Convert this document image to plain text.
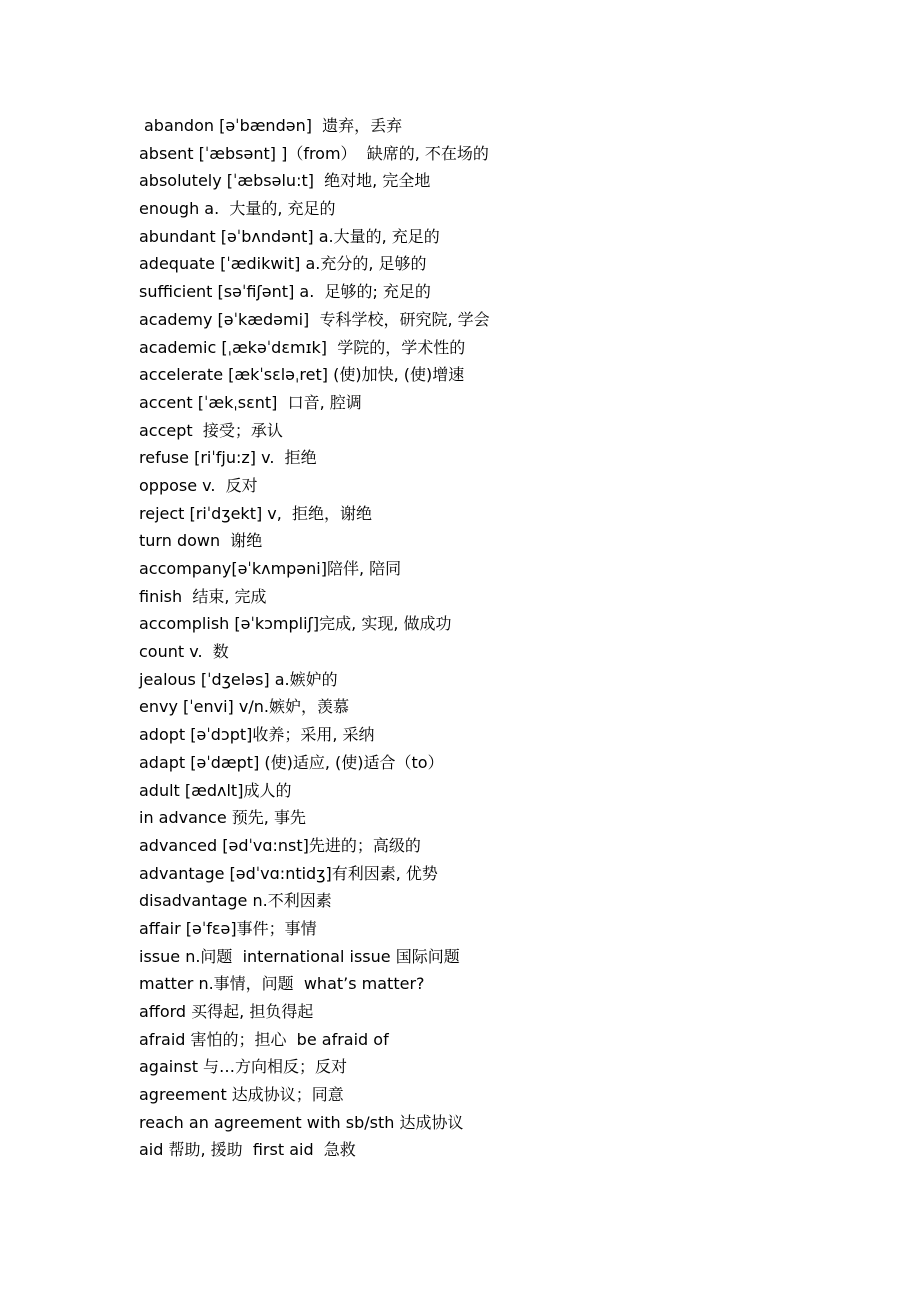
abandon [əˈbændən]  遗弃，丢弃
absent [ˈæbsənt] ]（from）  缺席的, 不在场的
absolutely [ˈæbsəlu:t]  绝对地, 完全地
enough a.  大量的, 充足的
abundant [əˈbʌndənt] a.大量的, 充足的
adequate [ˈædikwit] a.充分的, 足够的
sufficient [səˈfiʃənt] a.  足够的; 充足的
academy [əˈkædəmi]  专科学校，研究院, 学会
academic [ˌækəˈdɛmɪk]  学院的，学术性的
accelerate [ækˈsɛləˌret] (使)加快, (使)增速
accent [ˈækˌsɛnt]  口音, 腔调
accept  接受；承认
refuse [riˈfju:z] v.  拒绝
oppose v.  反对
reject [riˈdʒekt] v,  拒绝，谢绝
turn down  谢绝
accompany[əˈkʌmpəni]陪伴, 陪同
finish  结束, 完成
accomplish [əˈkɔmpliʃ]完成, 实现, 做成功
count v.  数
jealous [ˈdʒeləs] a.嫉妒的
envy [ˈenvi] v/n.嫉妒，羡慕
adopt [əˈdɔpt]收养；采用, 采纳
adapt [əˈdæpt] (使)适应, (使)适合（to）
adult [ædʌlt]成人的
in advance 预先, 事先
advanced [ədˈvɑ:nst]先进的；高级的
advantage [ədˈvɑ:ntidʒ]有利因素, 优势
disadvantage n.不利因素
affair [əˈfɛə]事件；事情
issue n.问题  international issue 国际问题
matter n.事情，问题  what’s matter?
afford 买得起, 担负得起
afraid 害怕的；担心  be afraid of
against 与…方向相反；反对
agreement 达成协议；同意
reach an agreement with sb/sth 达成协议
aid 帮助, 援助  first aid  急救
